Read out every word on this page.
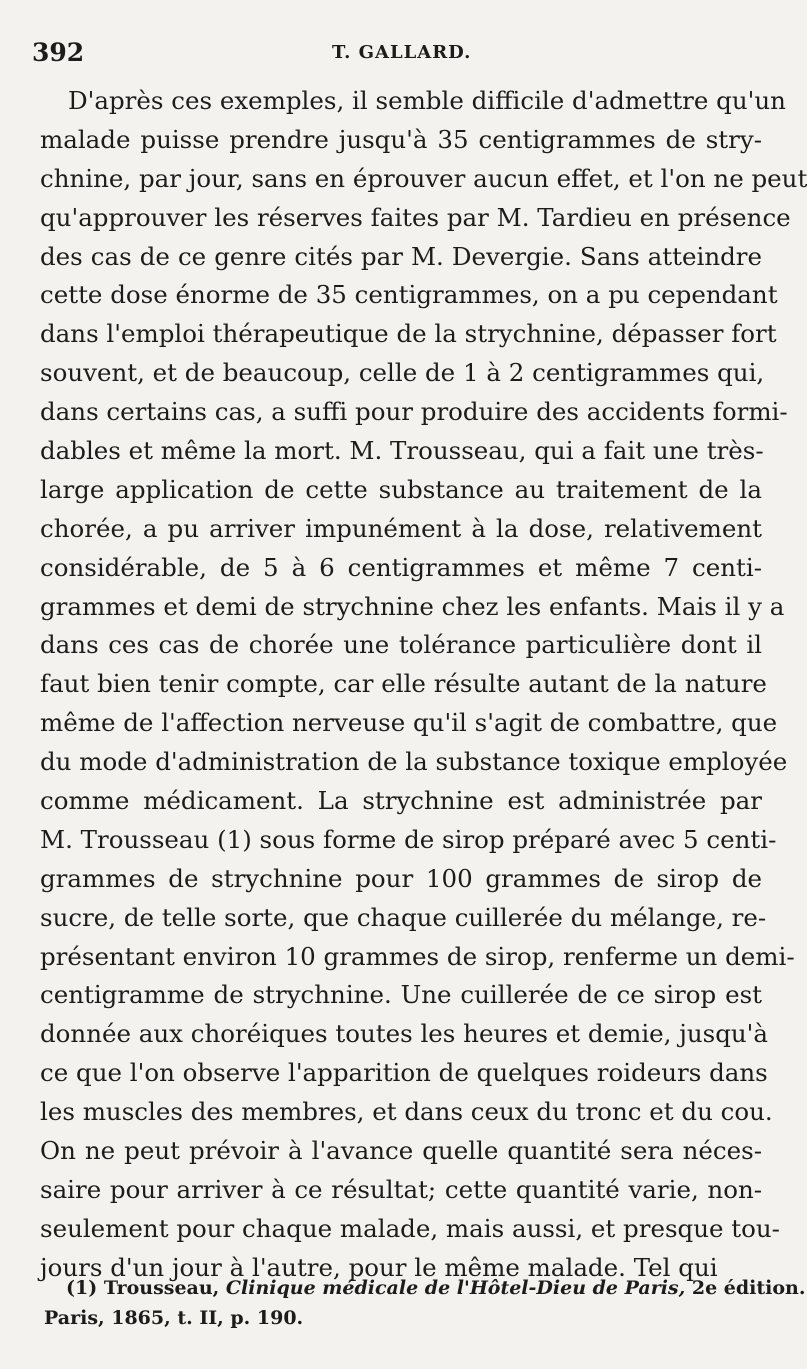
392	T. GALLARD.
D'après ces exemples, il semble difficile d'admettre qu'un
malade puisse prendre jusqu'à 35 centigrammes de stry-
chnine, par jour, sans en éprouver aucun effet, et l'on ne peut
qu'approuver les réserves faites par M. Tardieu en présence
des cas de ce genre cités par M. Devergie. Sans atteindre
cette dose énorme de 35 centigrammes, on a pu cependant
dans l'emploi thérapeutique de la strychnine, dépasser fort
souvent, et de beaucoup, celle de 1 à 2 centigrammes qui,
dans certains cas, a suffi pour produire des accidents formi-
dables et même la mort. M. Trousseau, qui a fait une très-
large application de cette substance au traitement de la
chorée, a pu arriver impunément à la dose, relativement
considérable, de 5 à 6 centigrammes et même 7 centi-
grammes et demi de strychnine chez les enfants. Mais il y a
dans ces cas de chorée une tolérance particulière dont il
faut bien tenir compte, car elle résulte autant de la nature
même de l'affection nerveuse qu'il s'agit de combattre, que
du mode d'administration de la substance toxique employée
comme médicament. La strychnine est administrée par
M. Trousseau (1) sous forme de sirop préparé avec 5 centi-
grammes de strychnine pour 100 grammes de sirop de
sucre, de telle sorte, que chaque cuillerée du mélange, re-
présentant environ 10 grammes de sirop, renferme un demi-
centigramme de strychnine. Une cuillerée de ce sirop est
donnée aux choréiques toutes les heures et demie, jusqu'à
ce que l'on observe l'apparition de quelques roideurs dans
les muscles des membres, et dans ceux du tronc et du cou.
On ne peut prévoir à l'avance quelle quantité sera néces-
saire pour arriver à ce résultat; cette quantité varie, non-
seulement pour chaque malade, mais aussi, et presque tou-
jours d'un jour à l'autre, pour le même malade. Tel qui
(1) Trousseau, Clinique médicale de l'Hôtel-Dieu de Paris, 2e édition.
Paris, 1865, t. II, p. 190.
